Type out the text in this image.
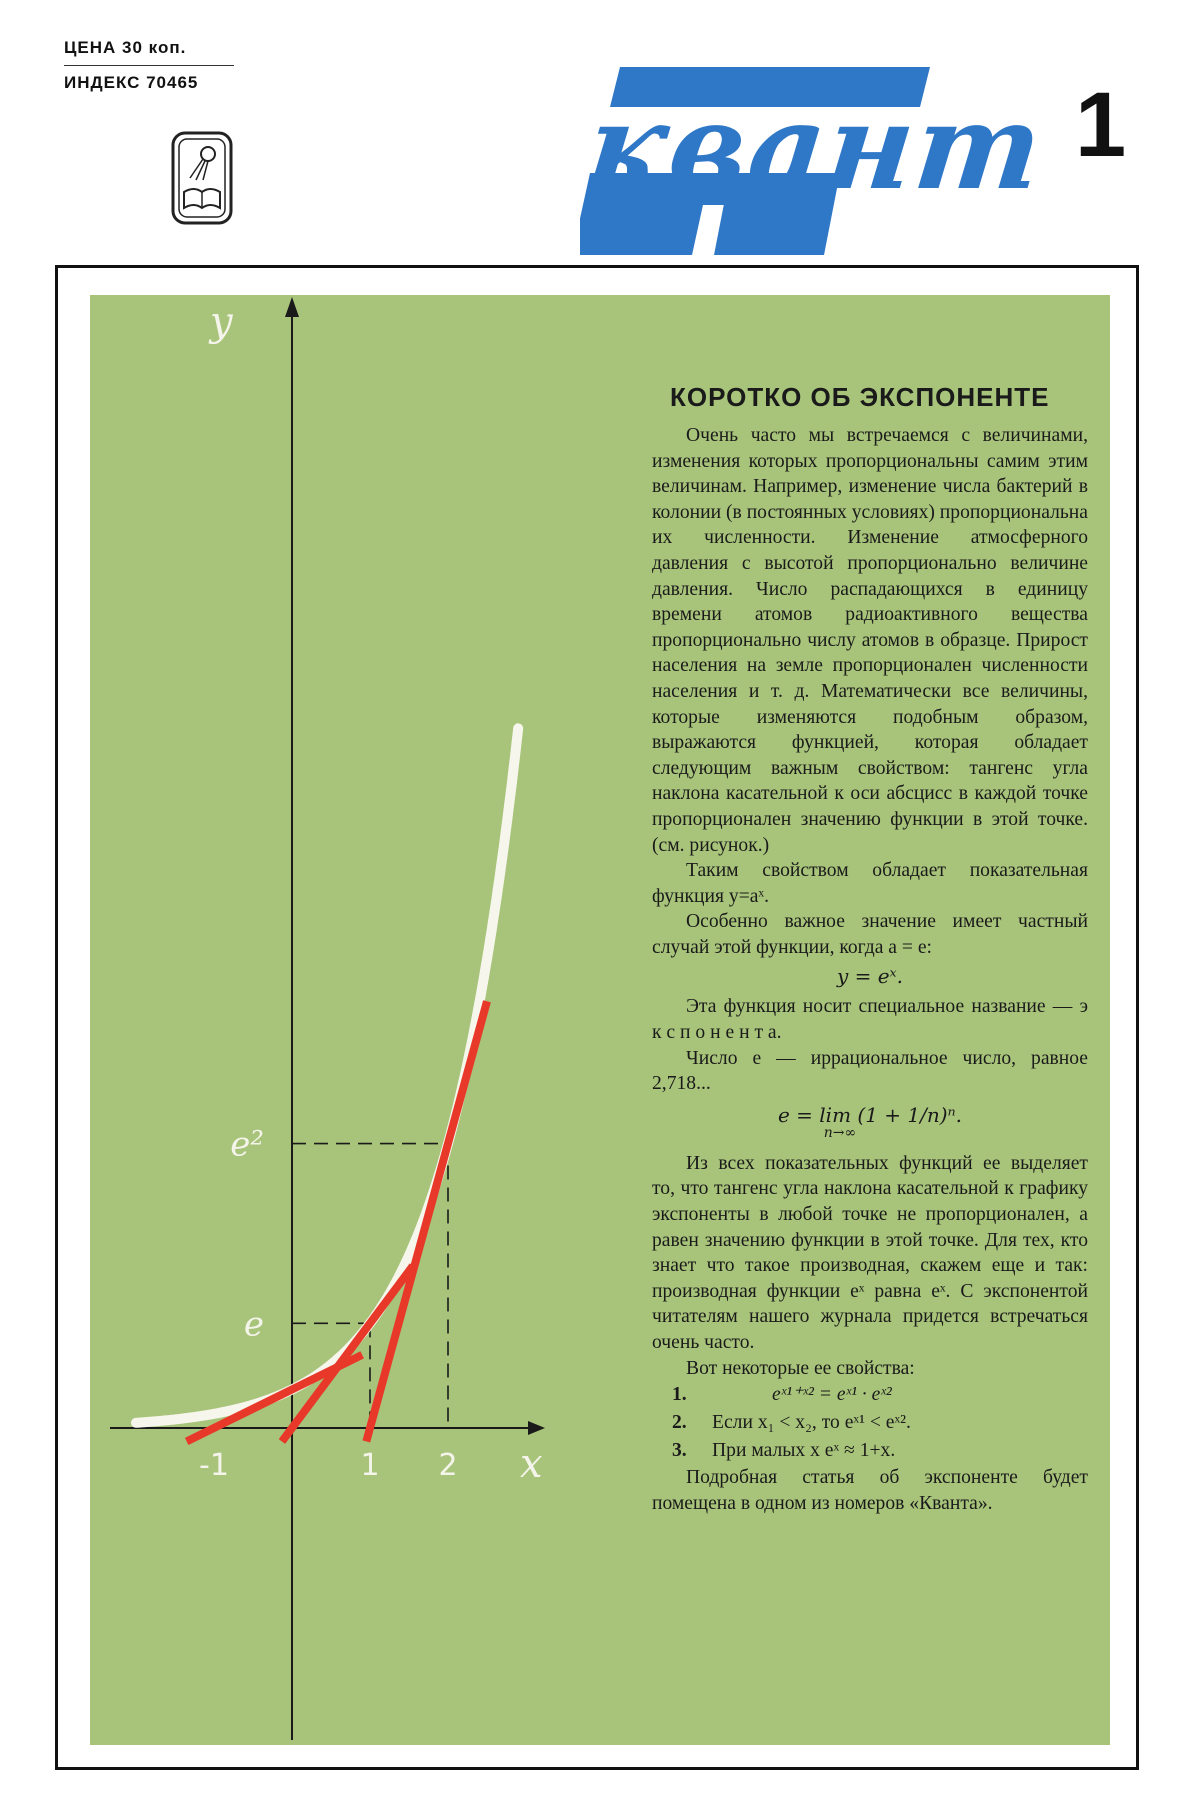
ЦЕНА 30 коп.
ИНДЕКС 70465	квант 1
e
e²
x
y
-1	1 2
КОРОТКО ОБ ЭКСПОНЕНТЕ

Очень часто мы встречаемся с величинами, изменения которых пропорциональны самим этим величинам. Например, изменение числа бактерий в колонии (в постоянных условиях) пропорциональна их численности. Изменение атмосферного давления с высотой пропорционально величине давления. Число распадающихся в единицу времени атомов радиоактивного вещества пропорционально числу атомов в образце. Прирост населения на земле пропорционален численности населения и т. д. Математически все величины, которые изменяются подобным образом, выражаются функцией, которая обладает следующим важным свойством: тангенс угла наклона касательной к оси абсцисс в каждой точке пропорционален значению функции в этой точке. (см. рисунок.)

Таким свойством обладает показательная функция y=aˣ.

Особенно важное значение имеет частный случай этой функции, когда a = e:

y = eˣ.

Эта функция носит специальное название — э к с п о н е н т а.

Число e — иррациональное число, равное 2,718...

e = lim (1 + 1/n)ⁿ.
n→∞

Из всех показательных функций ее выделяет то, что тангенс угла наклона касательной к графику экспоненты в любой точке не пропорционален, а равен значению функции в этой точке. Для тех, кто знает что такое производная, скажем еще и так: производная функции eˣ равна eˣ. С экспонентой читателям нашего журнала придется встречаться очень часто.

Вот некоторые ее свойства:

1.	eˣ¹⁺ˣ² = eˣ¹ · eˣ²
2.	Если x₁ < x₂, то eˣ¹ < eˣ².
3.	При малых x eˣ ≈ 1+x.

Подробная статья об экспоненте будет помещена в одном из номеров «Кванта».
